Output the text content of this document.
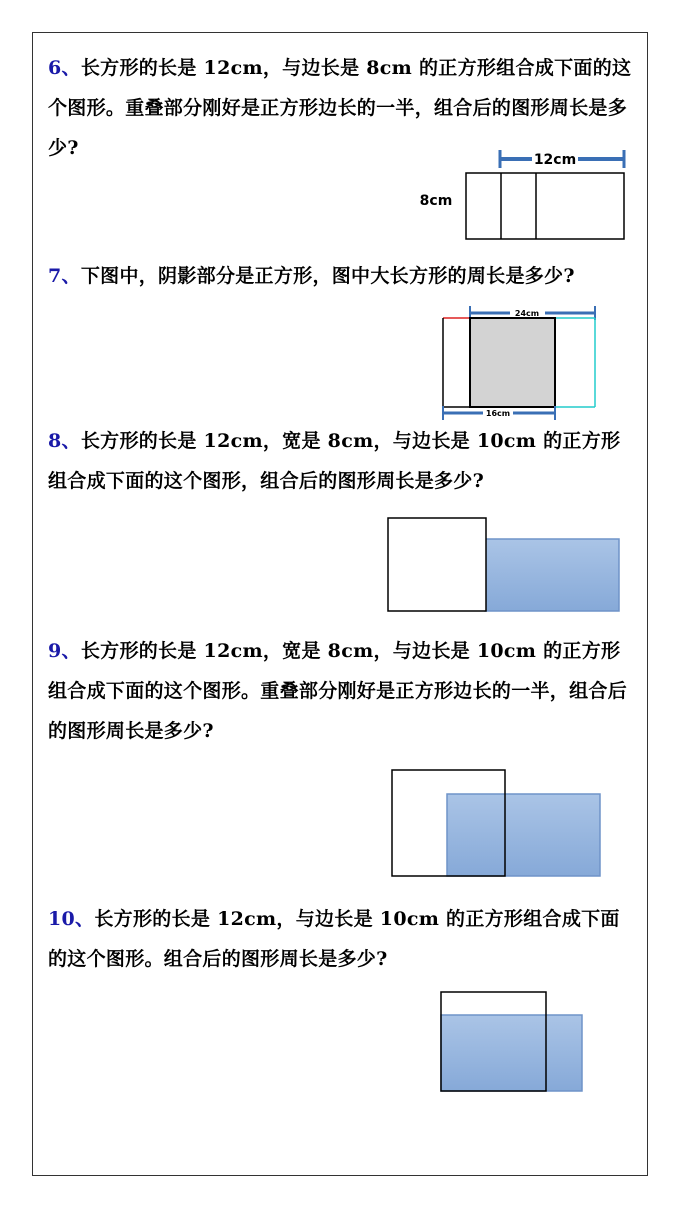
6、长方形的长是 12cm，与边长是 8cm 的正方形组合成下面的这个图形。重叠部分刚好是正方形边长的一半，组合后的图形周长是多少?
12cm
8cm
7、下图中，阴影部分是正方形，图中大长方形的周长是多少?
24cm
16cm
8、长方形的长是 12cm，宽是 8cm，与边长是 10cm 的正方形组合成下面的这个图形，组合后的图形周长是多少?
9、长方形的长是 12cm，宽是 8cm，与边长是 10cm 的正方形组合成下面的这个图形。重叠部分刚好是正方形边长的一半，组合后的图形周长是多少?
10、长方形的长是 12cm，与边长是 10cm 的正方形组合成下面的这个图形。组合后的图形周长是多少?
